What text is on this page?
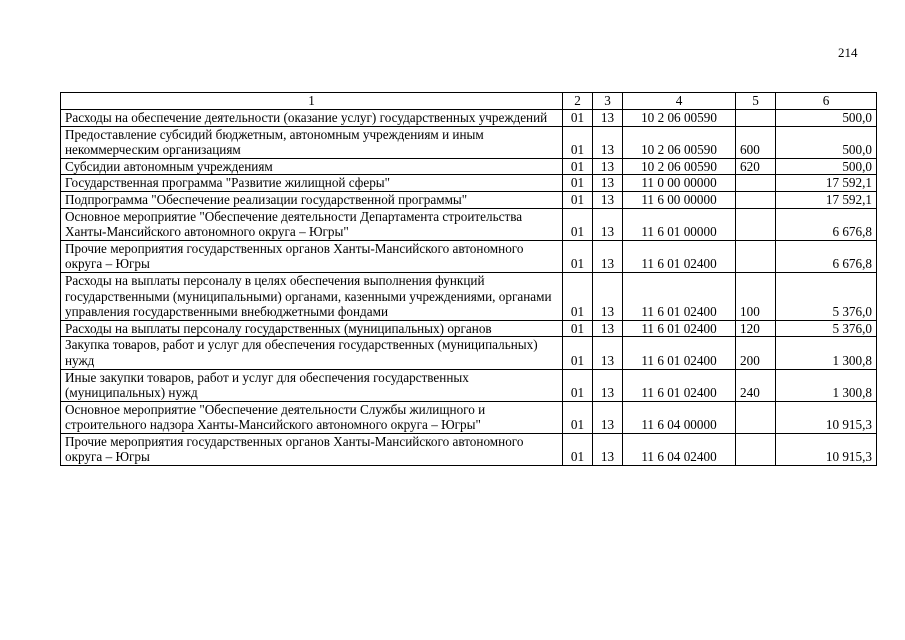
214
1	2	3	4	5	6
Расходы на обеспечение деятельности (оказание услуг) государственных учреждений	01	13	10 2 06 00590		500,0
Предоставление субсидий бюджетным, автономным учреждениям и иным некоммерческим организациям	01	13	10 2 06 00590	600	500,0
Субсидии автономным учреждениям	01	13	10 2 06 00590	620	500,0
Государственная программа "Развитие жилищной сферы"	01	13	11 0 00 00000		17 592,1
Подпрограмма "Обеспечение реализации государственной программы"	01	13	11 6 00 00000		17 592,1
Основное мероприятие "Обеспечение деятельности Департамента строительства Ханты-Мансийского автономного округа – Югры"	01	13	11 6 01 00000		6 676,8
Прочие мероприятия государственных органов Ханты-Мансийского автономного округа – Югры	01	13	11 6 01 02400		6 676,8
Расходы на выплаты персоналу в целях обеспечения выполнения функций государственными (муниципальными) органами, казенными учреждениями, органами управления государственными внебюджетными фондами	01	13	11 6 01 02400	100	5 376,0
Расходы на выплаты персоналу государственных (муниципальных) органов	01	13	11 6 01 02400	120	5 376,0
Закупка товаров, работ и услуг для обеспечения государственных (муниципальных) нужд	01	13	11 6 01 02400	200	1 300,8
Иные закупки товаров, работ и услуг для обеспечения государственных (муниципальных) нужд	01	13	11 6 01 02400	240	1 300,8
Основное мероприятие "Обеспечение деятельности Службы жилищного и строительного надзора Ханты-Мансийского автономного округа – Югры"	01	13	11 6 04 00000		10 915,3
Прочие мероприятия государственных органов Ханты-Мансийского автономного округа – Югры	01	13	11 6 04 02400		10 915,3
